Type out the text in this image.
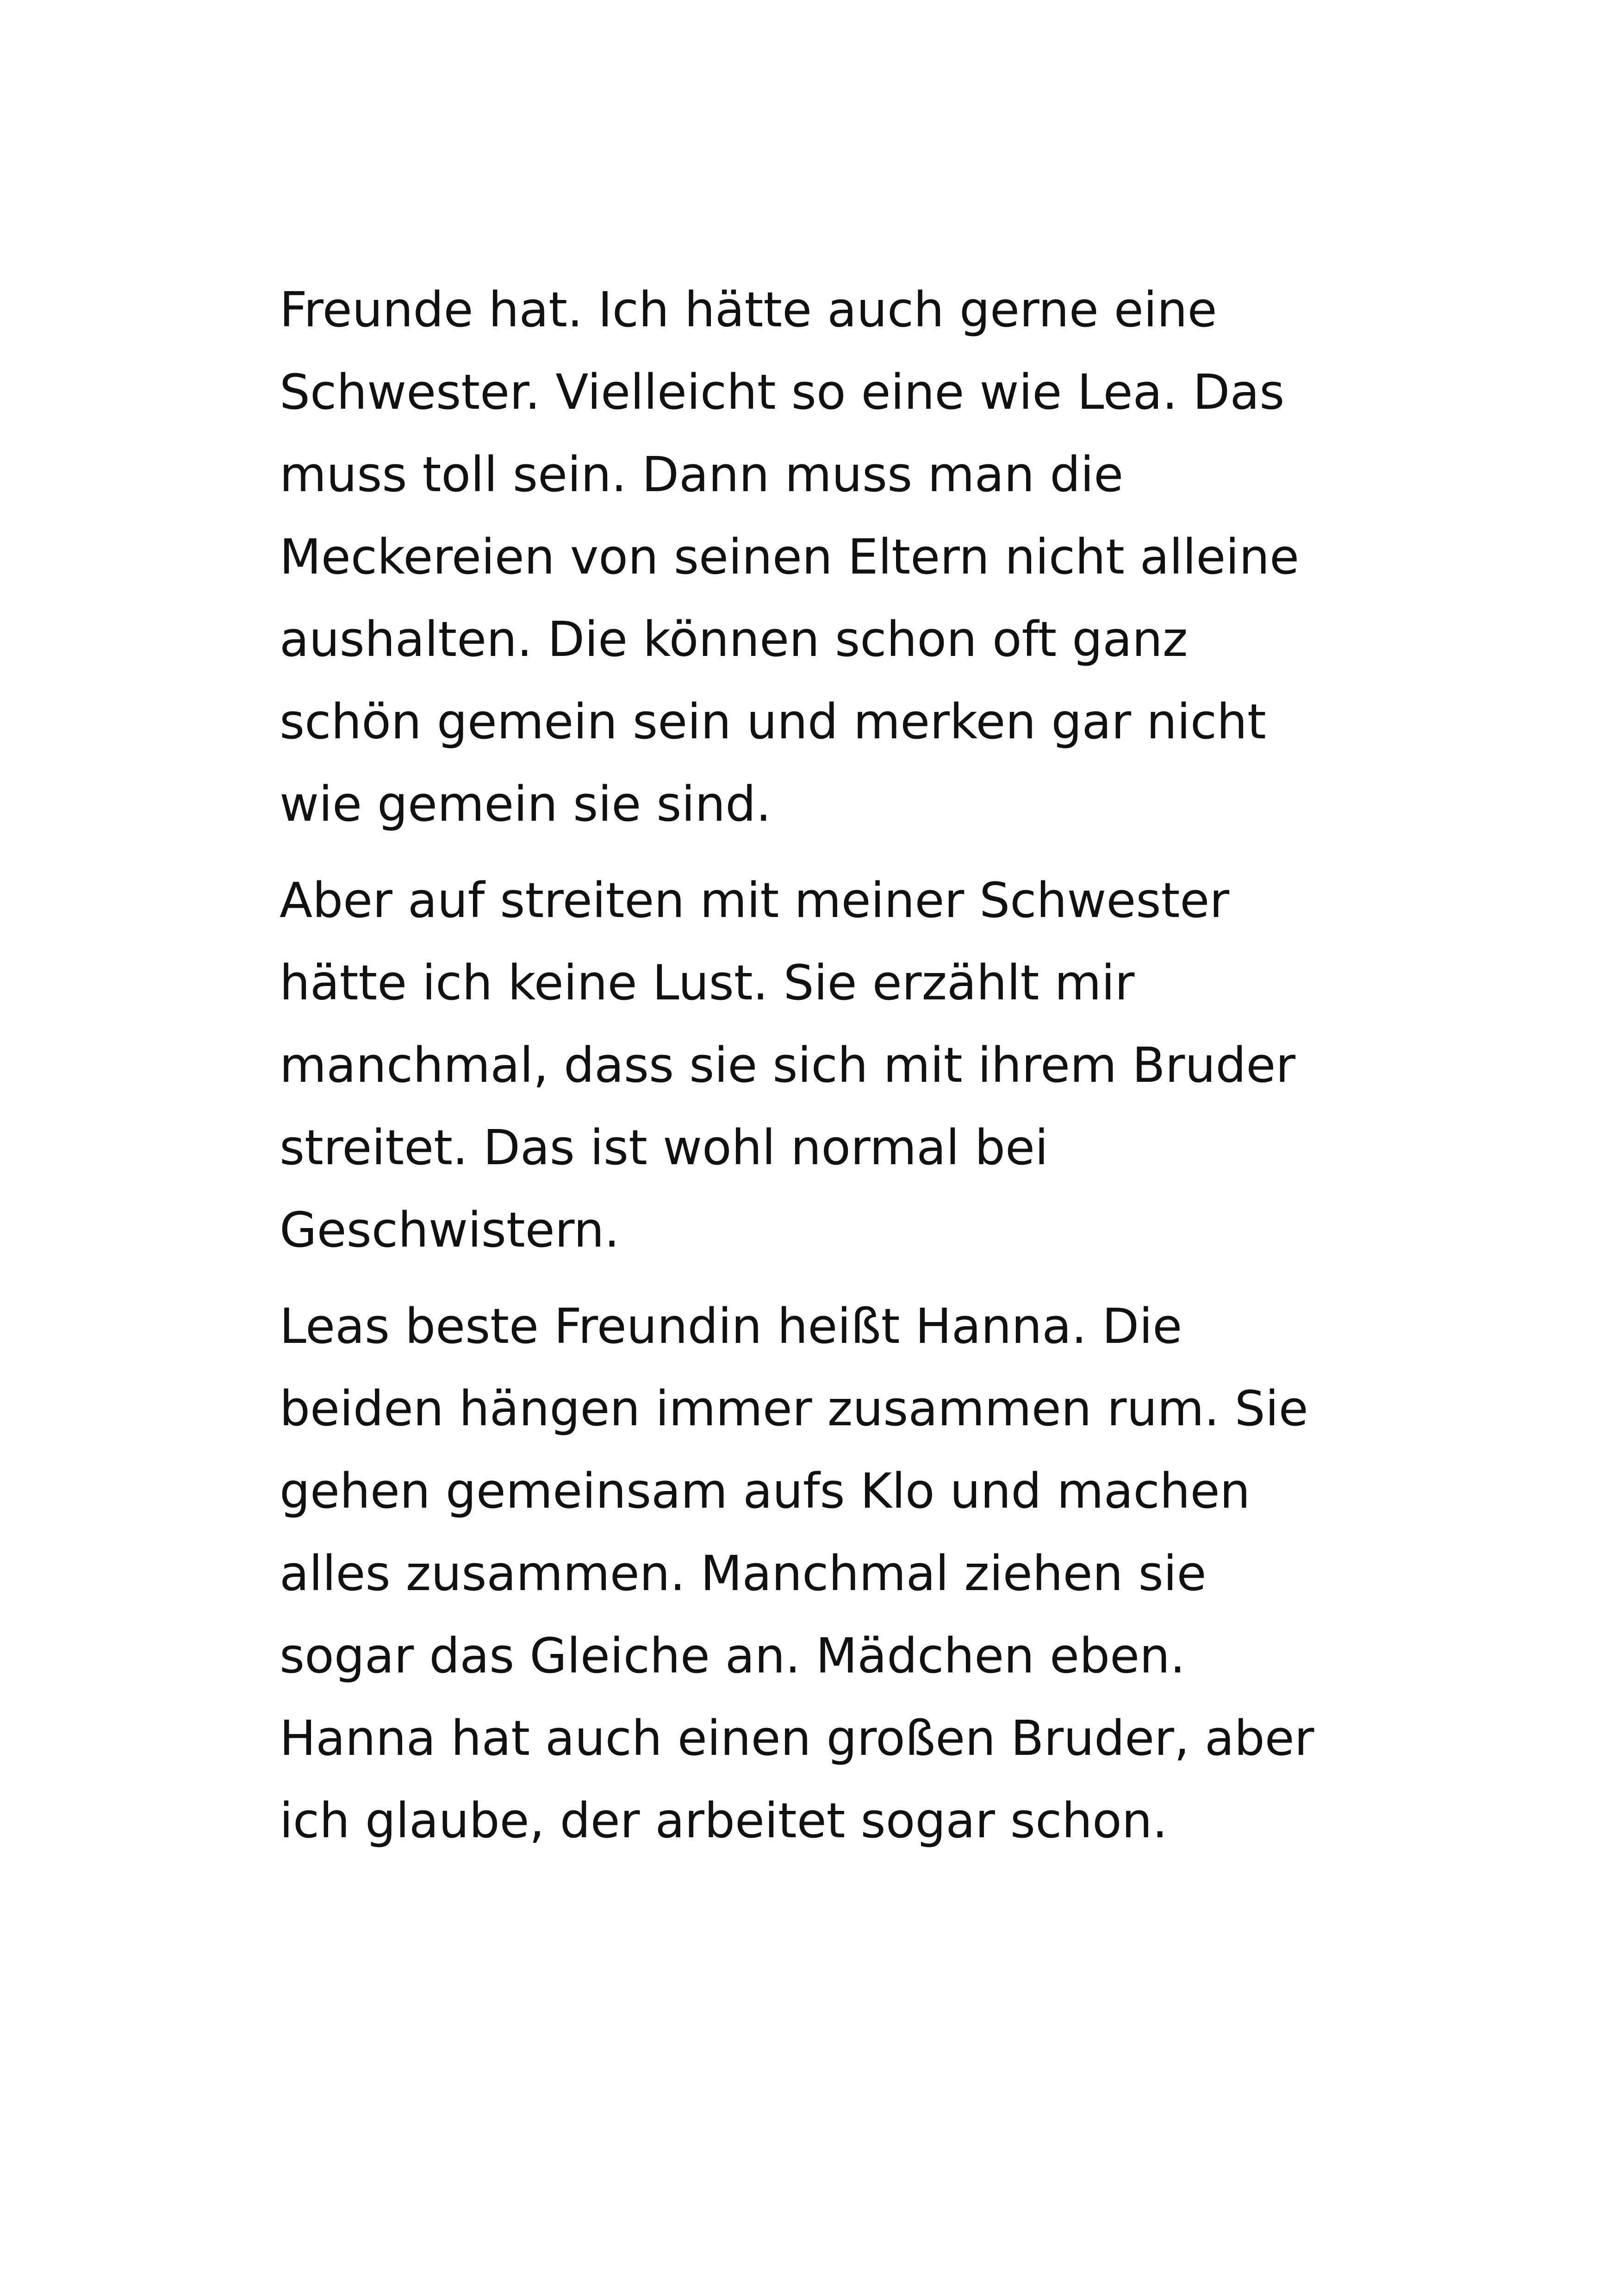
Freunde hat. Ich hätte auch gerne eine
Schwester. Vielleicht so eine wie Lea. Das
muss toll sein. Dann muss man die
Meckereien von seinen Eltern nicht alleine
aushalten. Die können schon oft ganz
schön gemein sein und merken gar nicht
wie gemein sie sind.

Aber auf streiten mit meiner Schwester
hätte ich keine Lust. Sie erzählt mir
manchmal, dass sie sich mit ihrem Bruder
streitet. Das ist wohl normal bei
Geschwistern.

Leas beste Freundin heißt Hanna. Die
beiden hängen immer zusammen rum. Sie
gehen gemeinsam aufs Klo und machen
alles zusammen. Manchmal ziehen sie
sogar das Gleiche an. Mädchen eben.
Hanna hat auch einen großen Bruder, aber
ich glaube, der arbeitet sogar schon.
